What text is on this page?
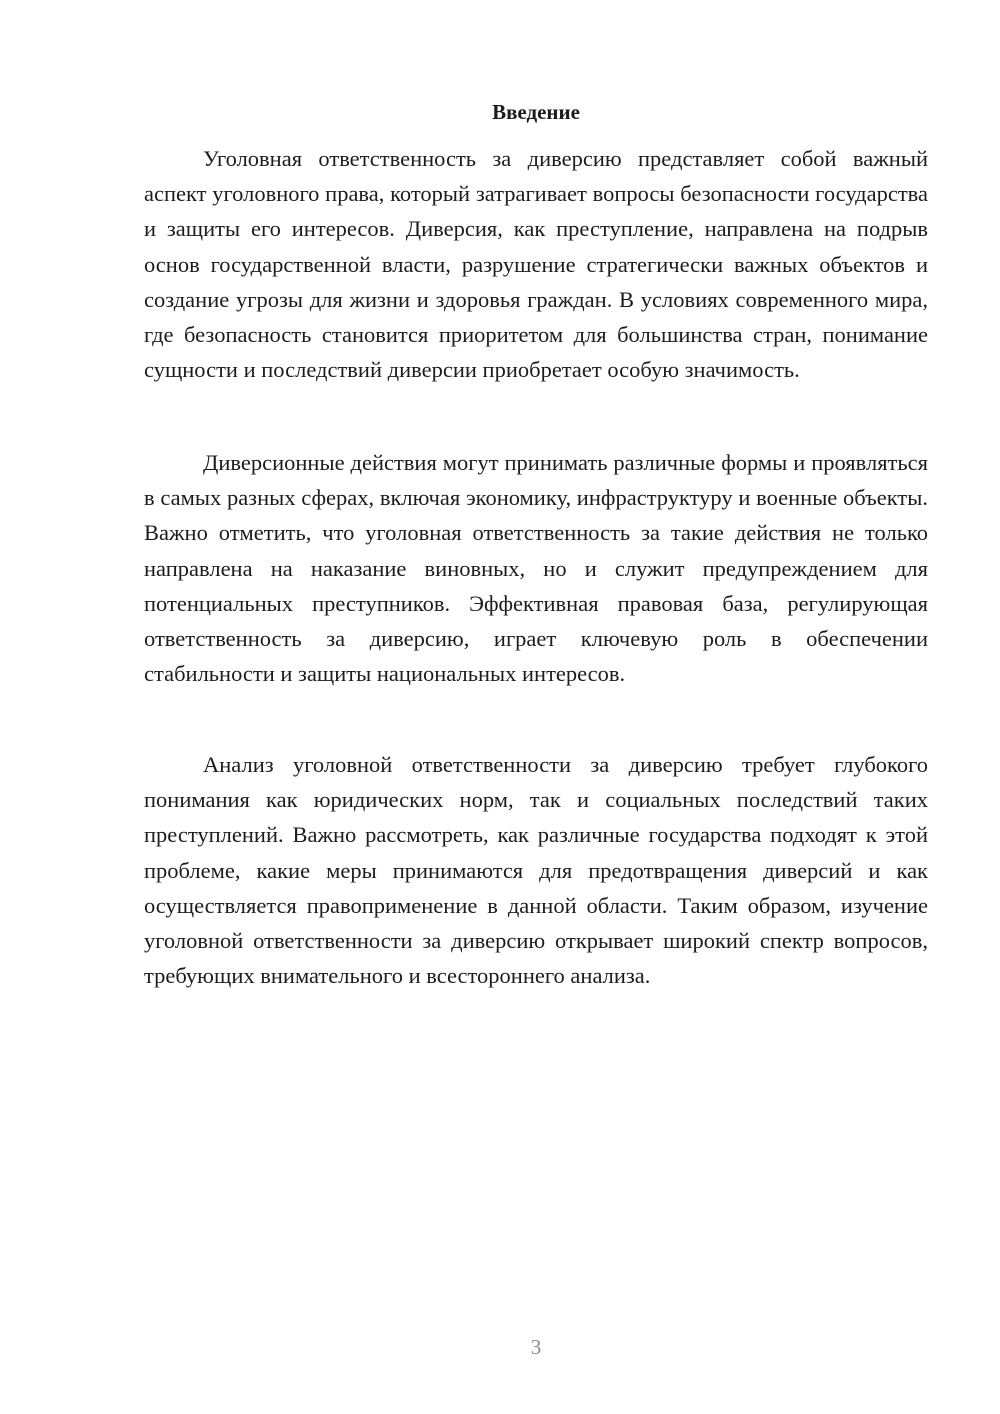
Введение

Уголовная ответственность за диверсию представляет собой важный аспект уголовного права, который затрагивает вопросы безопасности государства и защиты его интересов. Диверсия, как преступление, направлена на подрыв основ государственной власти, разрушение стратегически важных объектов и создание угрозы для жизни и здоровья граждан. В условиях современного мира, где безопасность становится приоритетом для большинства стран, понимание сущности и последствий диверсии приобретает особую значимость.

Диверсионные действия могут принимать различные формы и проявляться в самых разных сферах, включая экономику, инфраструктуру и военные объекты. Важно отметить, что уголовная ответственность за такие действия не только направлена на наказание виновных, но и служит предупреждением для потенциальных преступников. Эффективная правовая база, регулирующая ответственность за диверсию, играет ключевую роль в обеспечении стабильности и защиты национальных интересов.

Анализ уголовной ответственности за диверсию требует глубокого понимания как юридических норм, так и социальных последствий таких преступлений. Важно рассмотреть, как различные государства подходят к этой проблеме, какие меры принимаются для предотвращения диверсий и как осуществляется правоприменение в данной области. Таким образом, изучение уголовной ответственности за диверсию открывает широкий спектр вопросов, требующих внимательного и всестороннего анализа.

3
